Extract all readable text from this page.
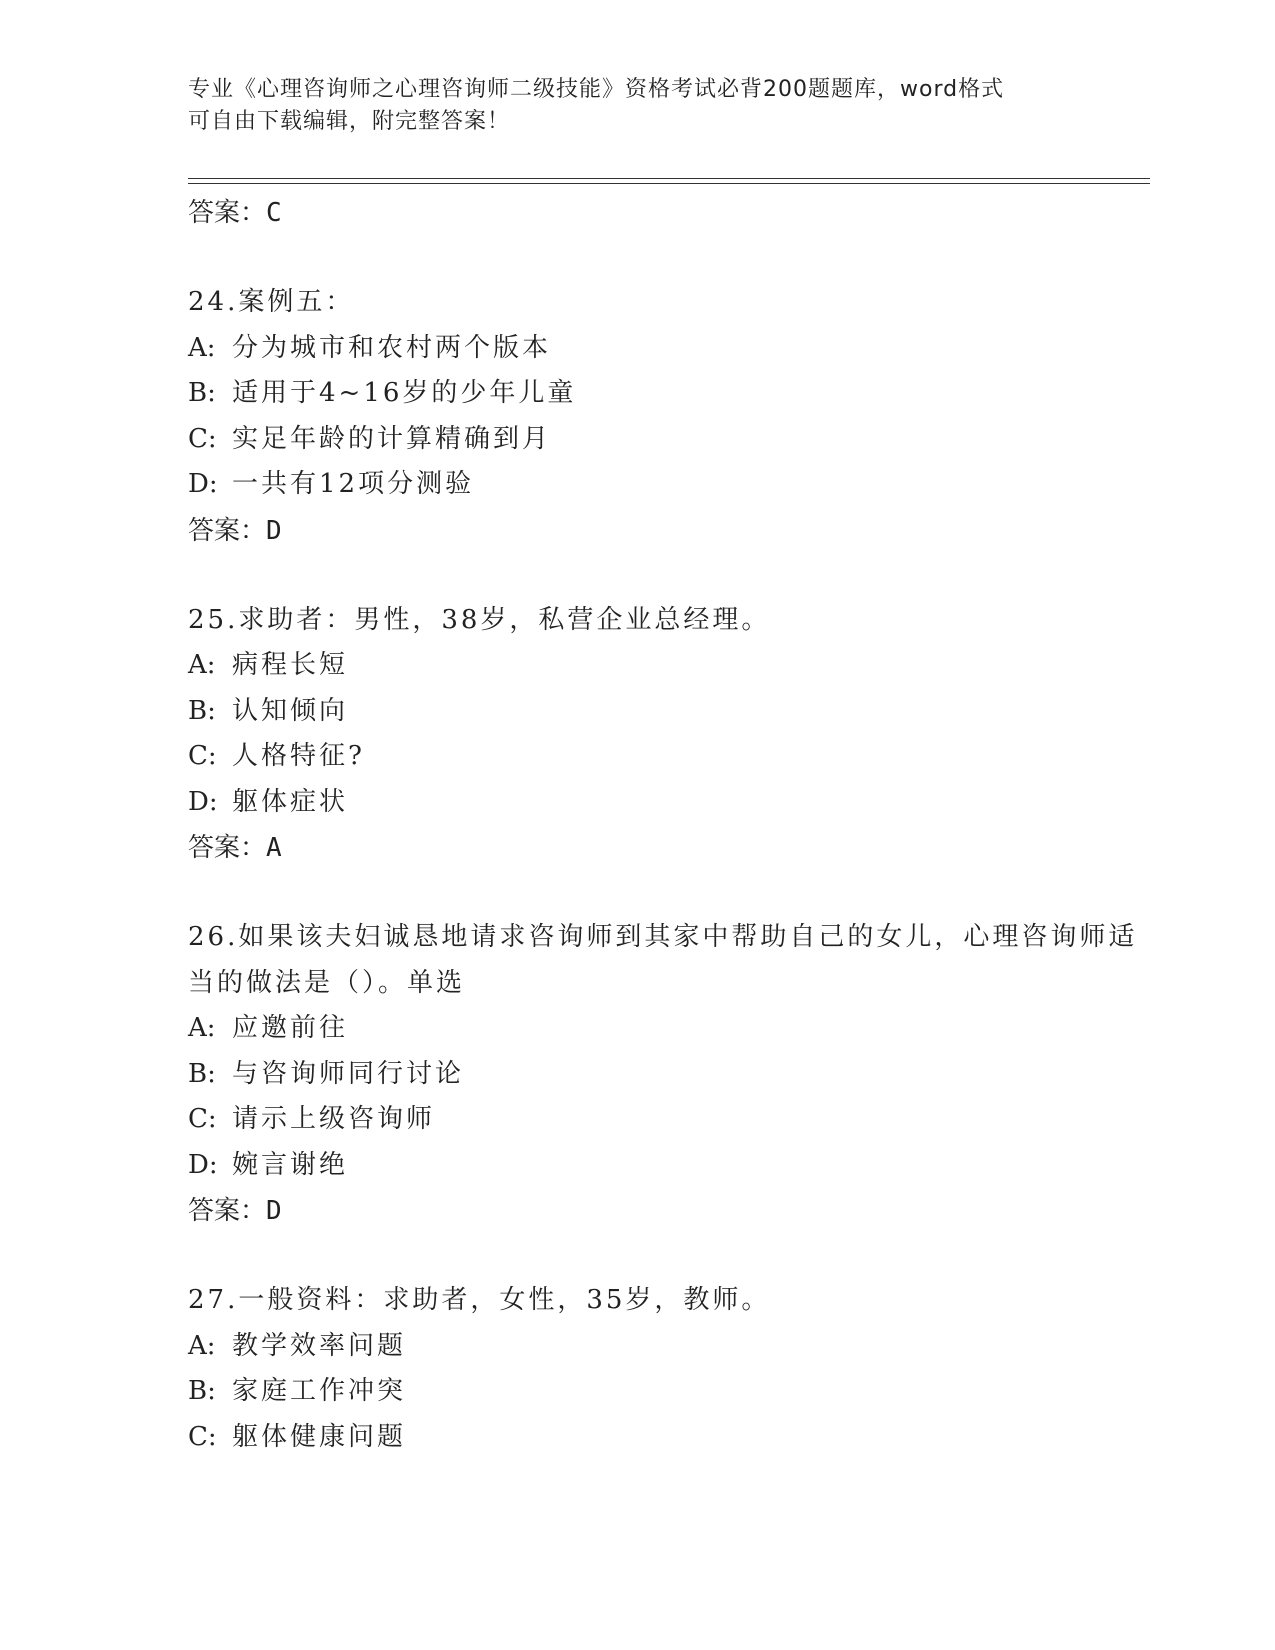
专业《心理咨询师之心理咨询师二级技能》资格考试必背200题题库，word格式
可自由下载编辑，附完整答案！
答案：C
24.案例五：
A: 分为城市和农村两个版本
B: 适用于4~16岁的少年儿童
C: 实足年龄的计算精确到月
D: 一共有12项分测验
答案：D
25.求助者：男性，38岁，私营企业总经理。
A: 病程长短
B: 认知倾向
C: 人格特征?
D: 躯体症状
答案：A
26.如果该夫妇诚恳地请求咨询师到其家中帮助自己的女儿，心理咨询师适当的做法是（）。单选
A: 应邀前往
B: 与咨询师同行讨论
C: 请示上级咨询师
D: 婉言谢绝
答案：D
27.一般资料：求助者，女性，35岁，教师。
A: 教学效率问题
B: 家庭工作冲突
C: 躯体健康问题
